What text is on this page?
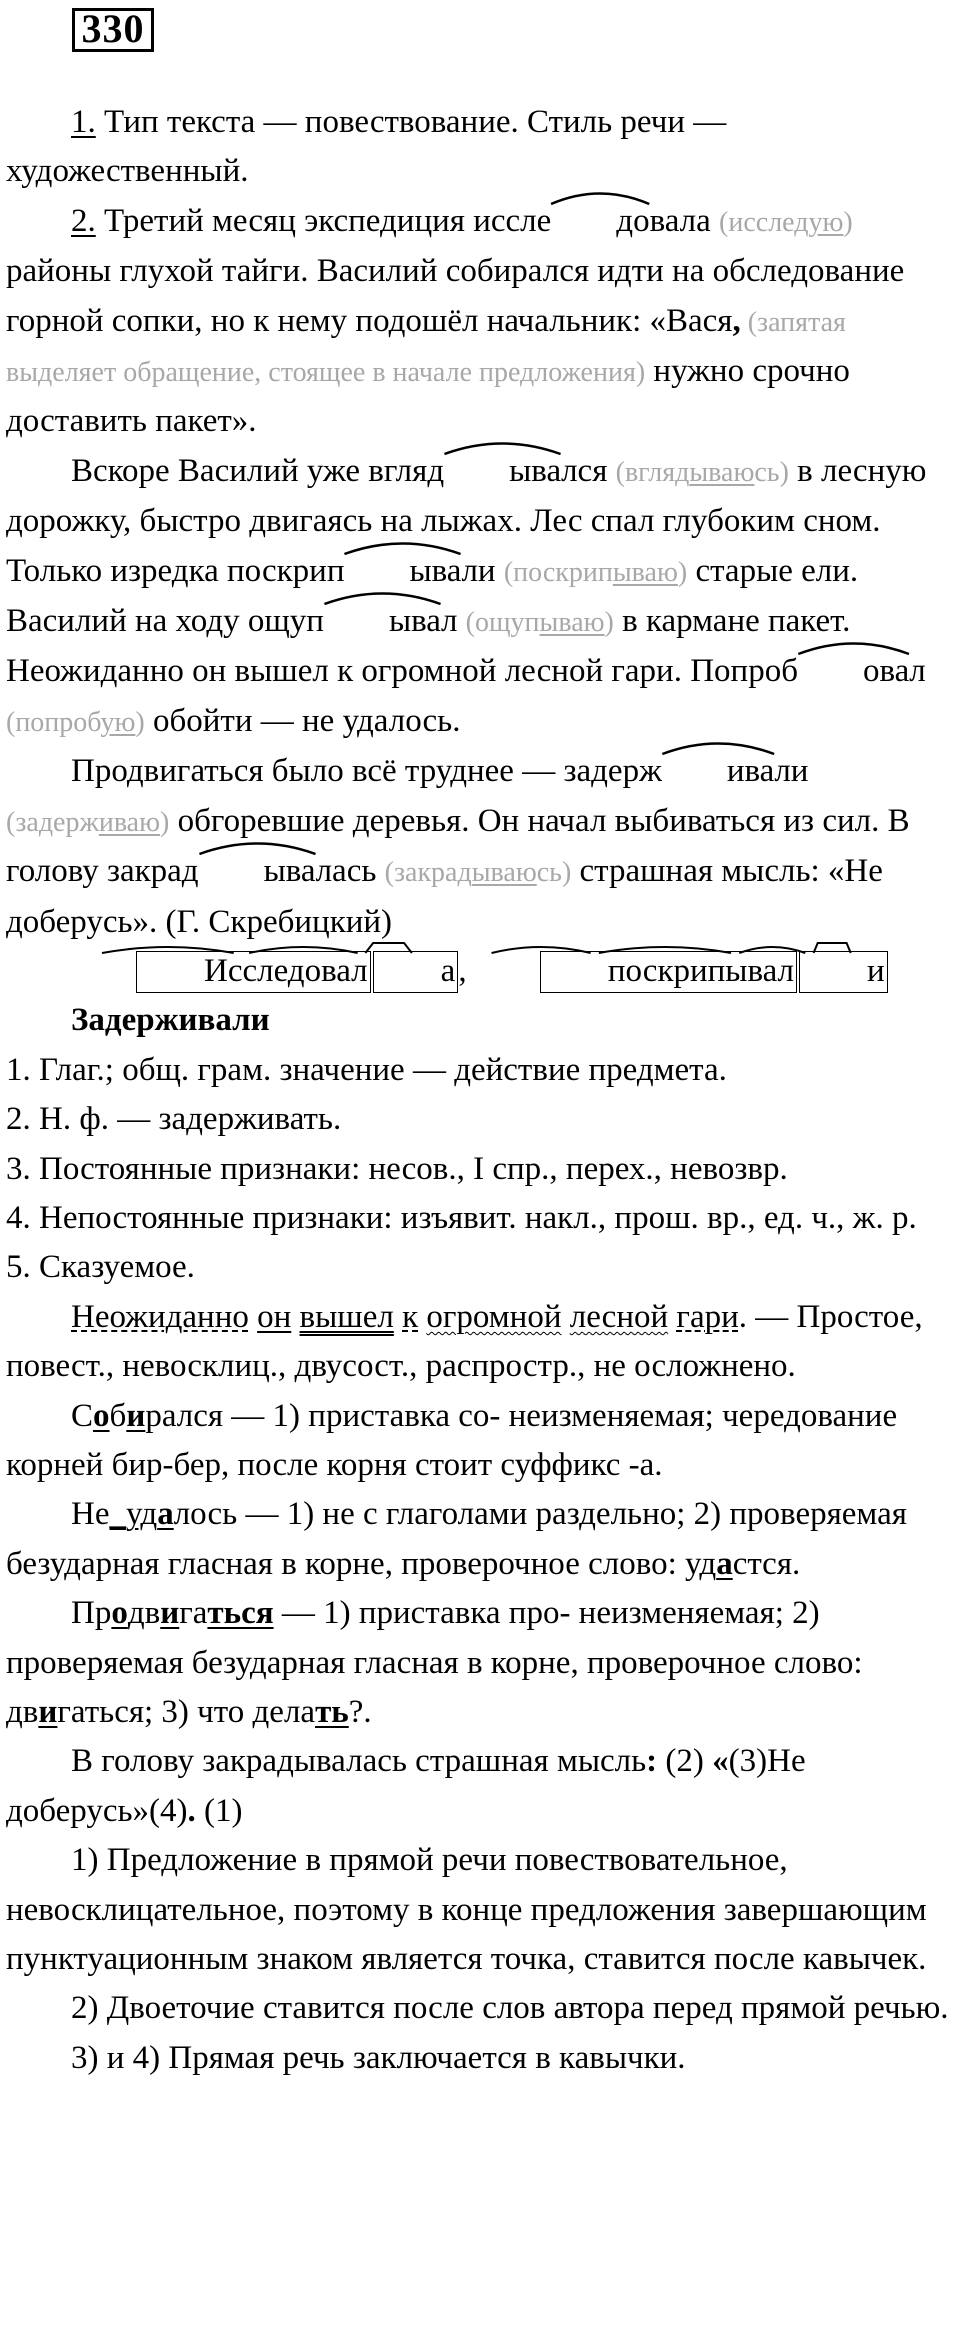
330

1. Тип текста — повествование. Стиль речи — художественный.

2. Третий месяц экспедиция иссле довала (исследую) районы глухой тайги. Василий собирался идти на обследование горной сопки, но к нему подошёл начальник: «Вася, (запятая выделяет обращение, стоящее в начале предложения) нужно срочно доставить пакет».

Вскоре Василий уже вгляд ывался (вглядываюсь) в лесную дорожку, быстро двигаясь на лыжах. Лес спал глубоким сном. Только изредка поскрип ывали (поскрипываю) старые ели. Василий на ходу ощуп ывал (ощупываю) в кармане пакет. Неожиданно он вышел к огромной лесной гари. Попроб овал (попробую) обойти — не удалось.

Продвигаться было всё труднее — задерж ивали (задерживаю) обгоревшие деревья. Он начал выбиваться из сил. В голову закрад ывалась (закрадываюсь) страшная мысль: «Не доберусь». (Г. Скребицкий)

Исследовал а,	поскрипывал и

Задерживали

1. Глаг.; общ. грам. значение — действие предмета.

2. Н. ф. — задерживать.

3. Постоянные признаки: несов., I спр., перех., невозвр.

4. Непостоянные признаки: изъявит. накл., прош. вр., ед. ч., ж. р.

5. Сказуемое.

Неожиданно он вышел к огромной лесной гари. — Простое, повест., невосклиц., двусост., распростр., не осложнено.

Собирался — 1) приставка со- неизменяемая; чередование корней бир-бер, после корня стоит суффикс -а.

Не_удалось — 1) не с глаголами раздельно; 2) проверяемая безударная гласная в корне, проверочное слово: удастся.

Продвигаться — 1) приставка про- неизменяемая; 2) проверяемая безударная гласная в корне, проверочное слово: двигаться; 3) что делать?.

В голову закрадывалась страшная мысль: (2) «(3)Не доберусь»(4). (1)

1) Предложение в прямой речи повествовательное, невосклицательное, поэтому в конце предложения завершающим пунктуационным знаком является точка, ставится после кавычек.

2) Двоеточие ставится после слов автора перед прямой речью.

3) и 4) Прямая речь заключается в кавычки.
